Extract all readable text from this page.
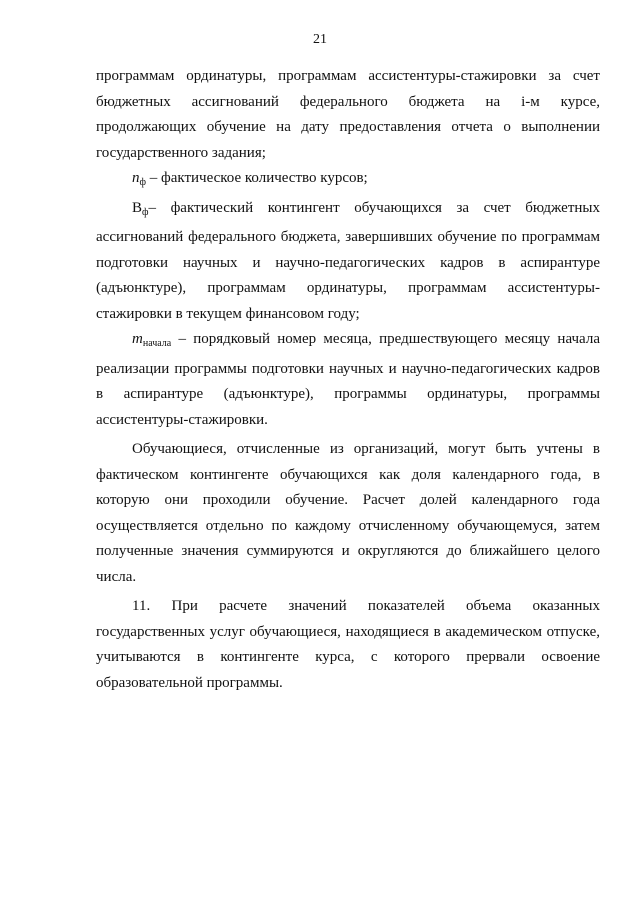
21

программам ординатуры, программам ассистентуры-стажировки за счет бюджетных ассигнований федерального бюджета на i-м курсе, продолжающих обучение на дату предоставления отчета о выполнении государственного задания;

$n_ф$ – фактическое количество курсов;

$B_ф-$ фактический контингент обучающихся за счет бюджетных ассигнований федерального бюджета, завершивших обучение по программам подготовки научных и научно-педагогических кадров в аспирантуре (адъюнктуре), программам ординатуры, программам ассистентуры-стажировки в текущем финансовом году;

$m_{начала}$ – порядковый номер месяца, предшествующего месяцу начала реализации программы подготовки научных и научно-педагогических кадров в аспирантуре (адъюнктуре), программы ординатуры, программы ассистентуры-стажировки.

Обучающиеся, отчисленные из организаций, могут быть учтены в фактическом контингенте обучающихся как доля календарного года, в которую они проходили обучение. Расчет долей календарного года осуществляется отдельно по каждому отчисленному обучающемуся, затем полученные значения суммируются и округляются до ближайшего целого числа.

11. При расчете значений показателей объема оказанных государственных услуг обучающиеся, находящиеся в академическом отпуске, учитываются в контингенте курса, с которого прервали освоение образовательной программы.
